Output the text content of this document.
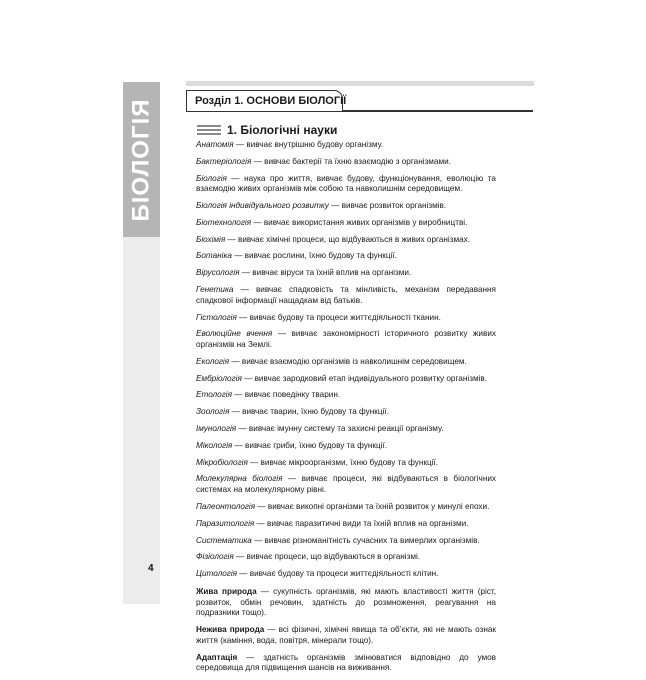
БІОЛОГІЯ
4
Розділ 1. ОСНОВИ БІОЛОГІЇ
1. Біологічні науки

Анатомія — вивчає внутрішню будову організму.

Бактеріологія — вивчає бактерії та їхню взаємодію з організмами.

Біологія — наука про життя, вивчає будову, функціонування, еволюцію та взаємодію живих організмів між собою та навколишнім середовищем.

Біологія індивідуального розвитку — вивчає розвиток організмів.

Біотехнологія — вивчає використання живих організмів у виробництві.

Біохімія — вивчає хімічні процеси, що відбуваються в живих організмах.

Ботаніка — вивчає рослини, їхню будову та функції.

Вірусологія — вивчає віруси та їхній вплив на організми.

Генетика — вивчає спадковість та мінливість, механізм передавання спадкової інформації нащадкам від батьків.

Гістологія — вивчає будову та процеси життєдіяльності тканин.

Еволюційне вчення — вивчає закономірності історичного розвитку живих організмів на Землі.

Екологія — вивчає взаємодію організмів із навколишнім середовищем.

Ембріологія — вивчає зародковий етап індивідуального розвитку організмів.

Етологія — вивчає поведінку тварин.

Зоологія — вивчає тварин, їхню будову та функції.

Імунологія — вивчає імунну систему та захисні реакції організму.

Мікологія — вивчає гриби, їхню будову та функції.

Мікробіологія — вивчає мікроорганізми, їхню будову та функції.

Молекулярна біологія — вивчає процеси, які відбуваються в біологічних системах на молекулярному рівні.

Палеонтологія — вивчає викопні організми та їхній розвиток у минулі епохи.

Паразитологія — вивчає паразитичні види та їхній вплив на організми.

Систематика — вивчає різноманітність сучасних та вимерлих організмів.

Фізіологія — вивчає процеси, що відбуваються в організмі.

Цитологія — вивчає будову та процеси життєдіяльності клітин.

Жива природа — сукупність організмів, які мають властивості життя (ріст, розвиток, обмін речовин, здатність до розмноження, реагування на подразники тощо).

Нежива природа — всі фізичні, хімічні явища та об’єкти, які не мають ознак життя (каміння, вода, повітря, мінерали тощо).

Адаптація — здатність організмів змінюватися відповідно до умов середовища для підвищення шансів на виживання.
